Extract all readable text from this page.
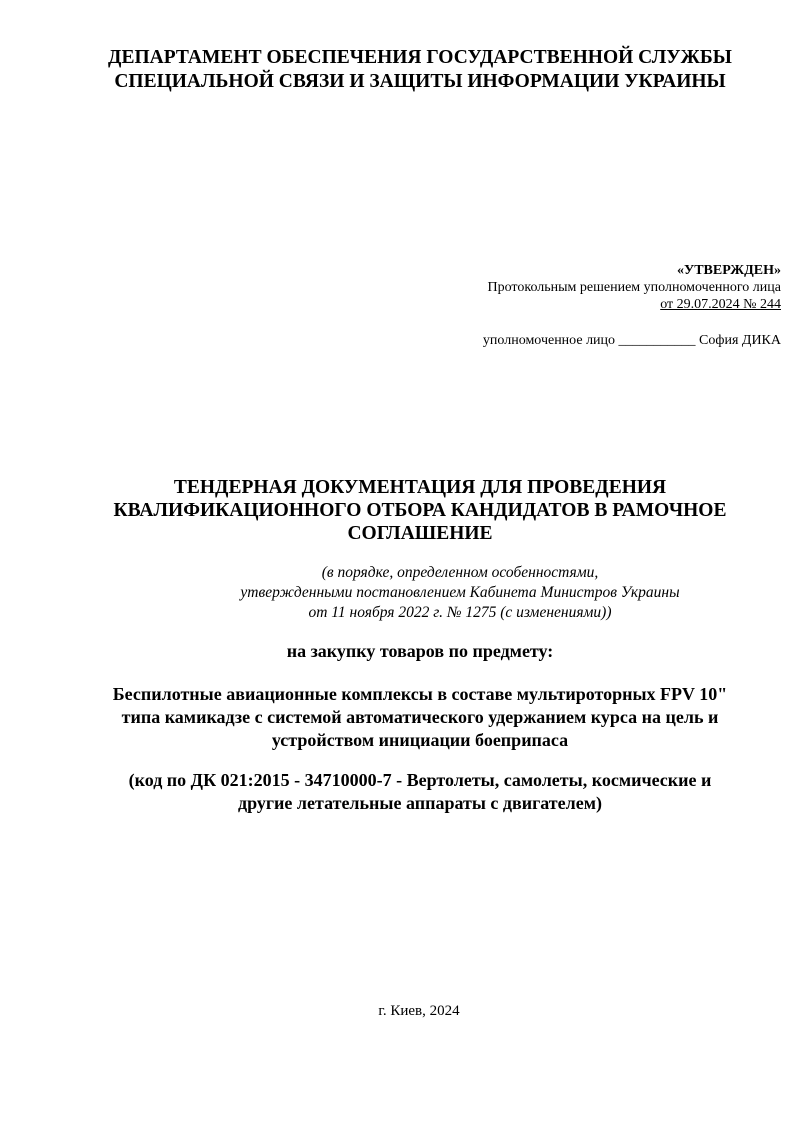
ДЕПАРТАМЕНТ ОБЕСПЕЧЕНИЯ ГОСУДАРСТВЕННОЙ СЛУЖБЫ
СПЕЦИАЛЬНОЙ СВЯЗИ И ЗАЩИТЫ ИНФОРМАЦИИ УКРАИНЫ
«УТВЕРЖДЕН»
Протокольным решением уполномоченного лица
от 29.07.2024 № 244
уполномоченное лицо ___________ София ДИКА
ТЕНДЕРНАЯ ДОКУМЕНТАЦИЯ ДЛЯ ПРОВЕДЕНИЯ
КВАЛИФИКАЦИОННОГО ОТБОРА КАНДИДАТОВ В РАМОЧНОЕ
СОГЛАШЕНИЕ
(в порядке, определенном особенностями,
утвержденными постановлением Кабинета Министров Украины
от 11 ноября 2022 г. № 1275 (с изменениями))
на закупку товаров по предмету:
Беспилотные авиационные комплексы в составе мультироторных FPV 10"
типа камикадзе с системой автоматического удержанием курса на цель и
устройством инициации боеприпаса
(код по ДК 021:2015 - 34710000-7 - Вертолеты, самолеты, космические и
другие летательные аппараты с двигателем)
г. Киев, 2024
